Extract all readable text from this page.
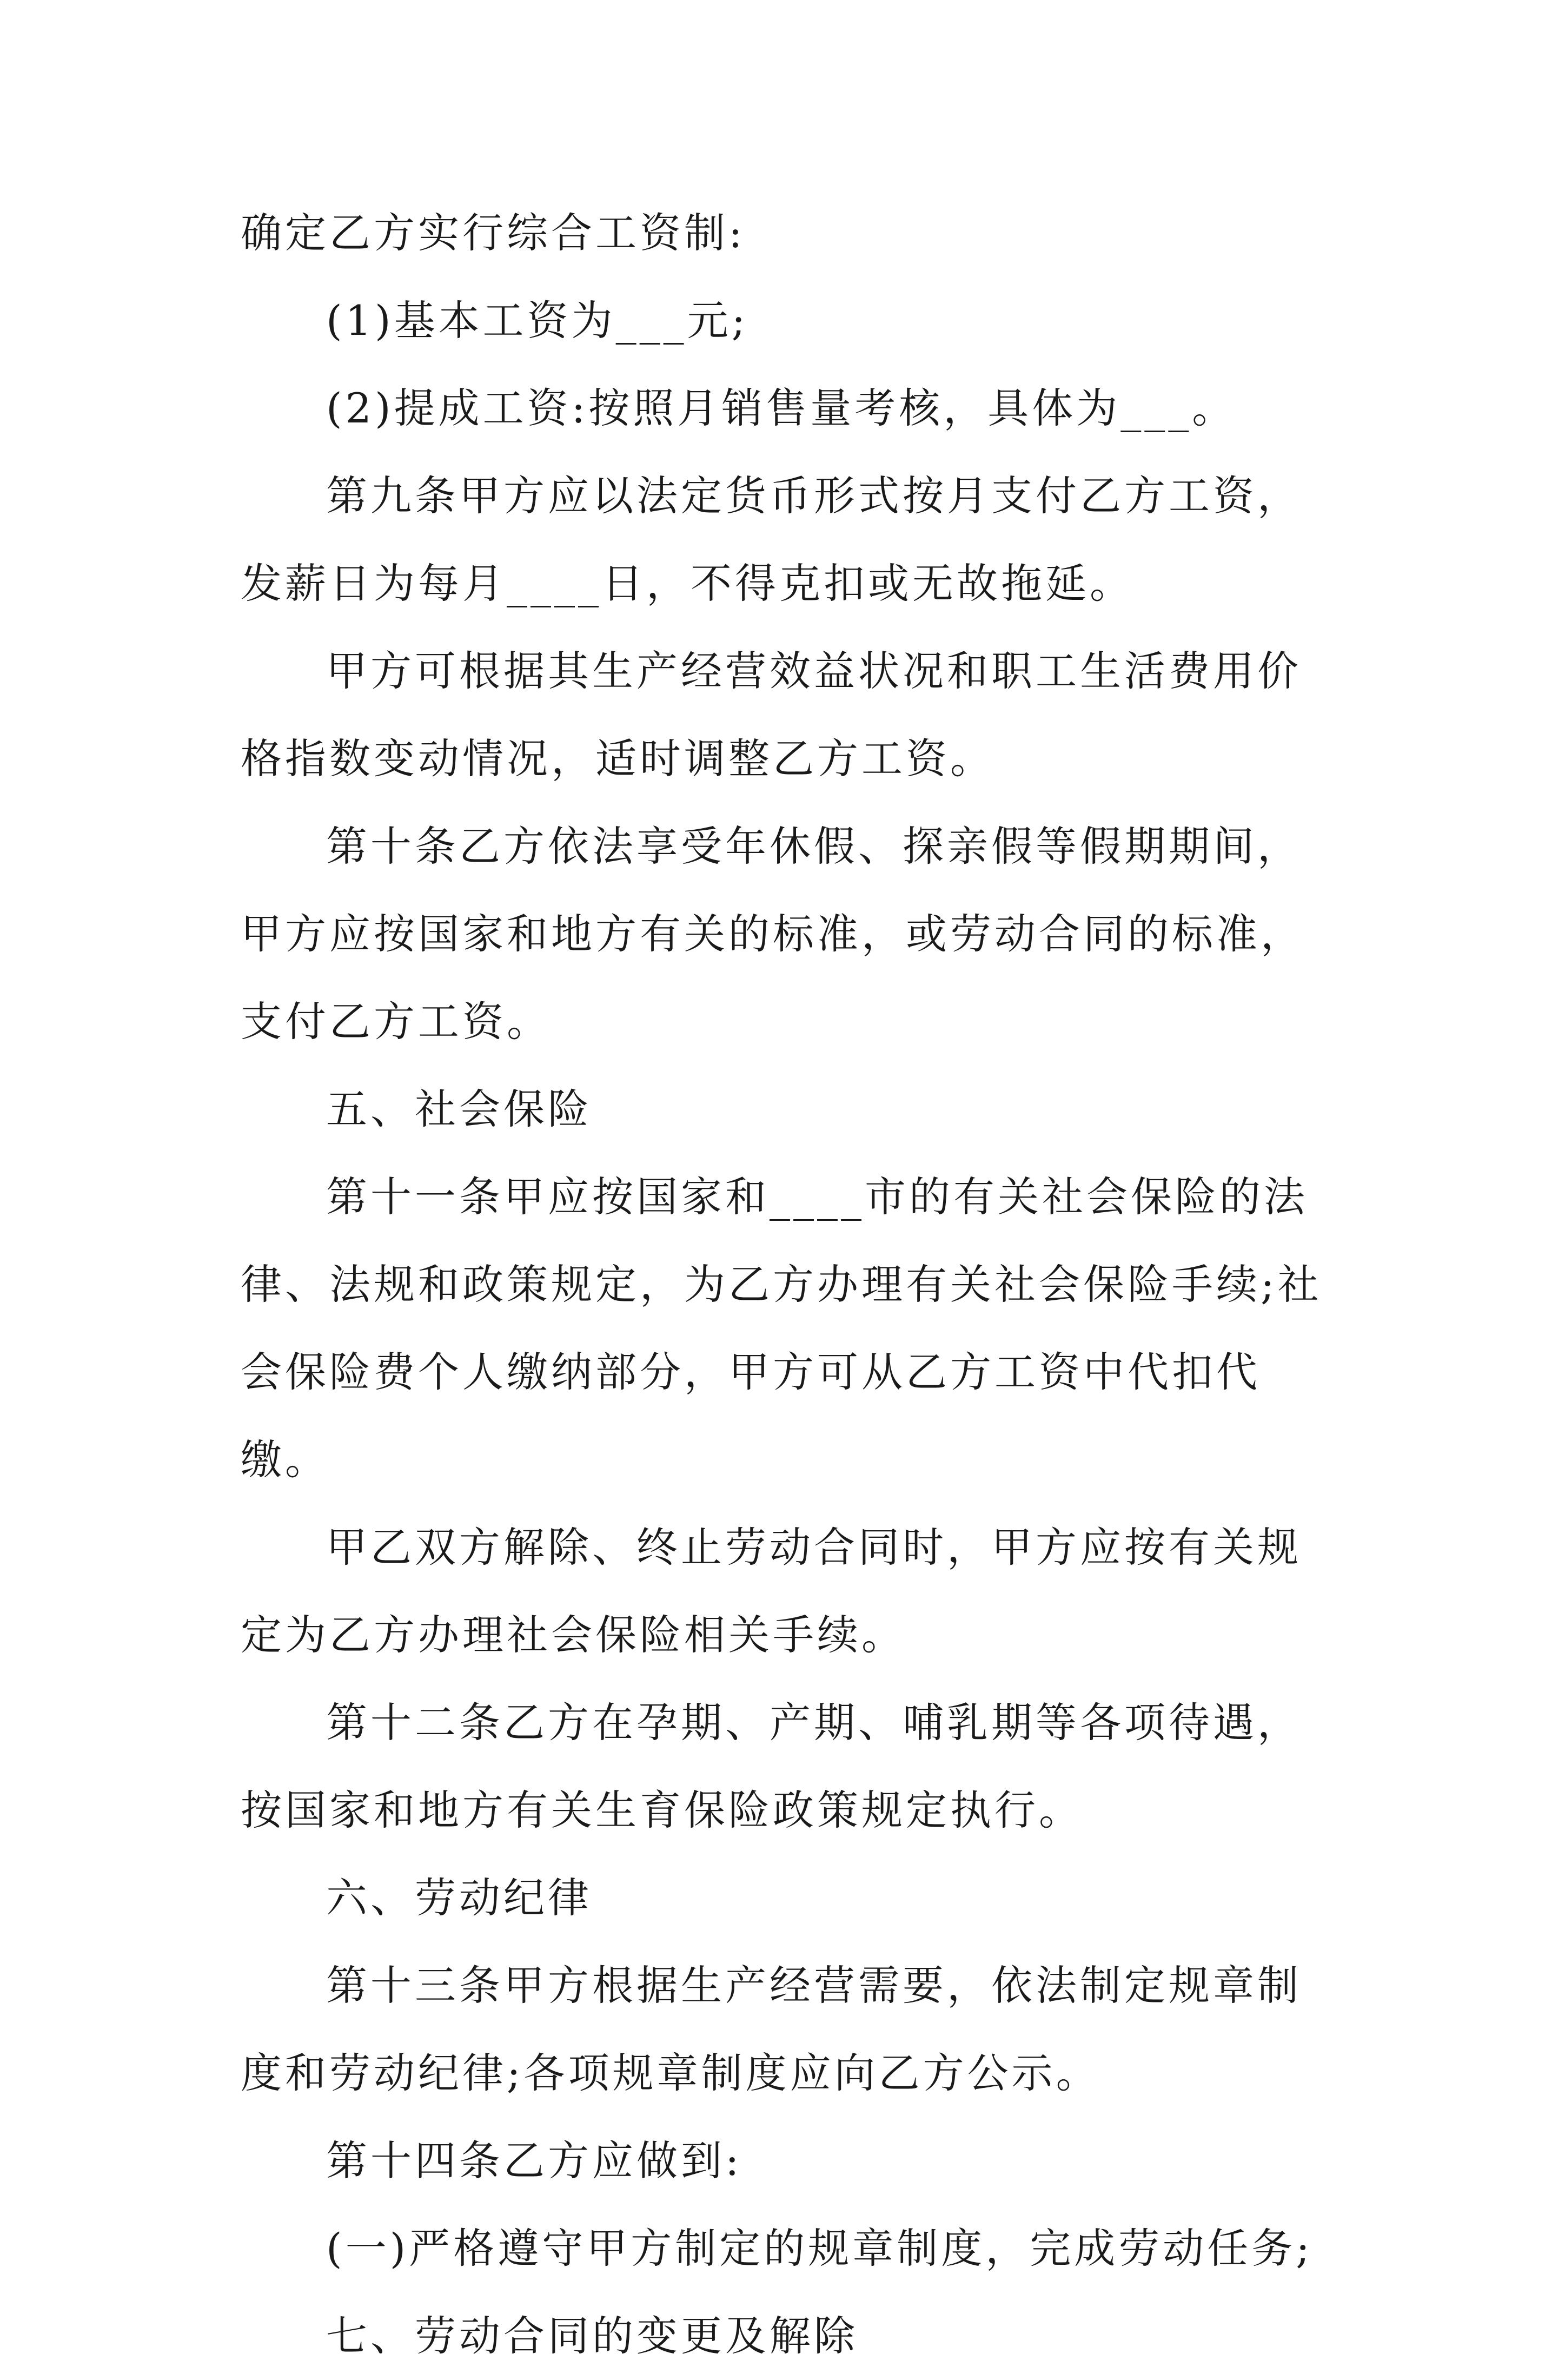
确定乙方实行综合工资制:

(1)基本工资为___元;

(2)提成工资:按照月销售量考核，具体为___。

第九条甲方应以法定货币形式按月支付乙方工资，发薪日为每月____日，不得克扣或无故拖延。

甲方可根据其生产经营效益状况和职工生活费用价格指数变动情况，适时调整乙方工资。

第十条乙方依法享受年休假、探亲假等假期期间，甲方应按国家和地方有关的标准，或劳动合同的标准，支付乙方工资。

五、社会保险

第十一条甲应按国家和____市的有关社会保险的法律、法规和政策规定，为乙方办理有关社会保险手续;社会保险费个人缴纳部分，甲方可从乙方工资中代扣代缴。

甲乙双方解除、终止劳动合同时，甲方应按有关规定为乙方办理社会保险相关手续。

第十二条乙方在孕期、产期、哺乳期等各项待遇，按国家和地方有关生育保险政策规定执行。

六、劳动纪律

第十三条甲方根据生产经营需要，依法制定规章制度和劳动纪律;各项规章制度应向乙方公示。

第十四条乙方应做到:

(一)严格遵守甲方制定的规章制度，完成劳动任务;

七、劳动合同的变更及解除
